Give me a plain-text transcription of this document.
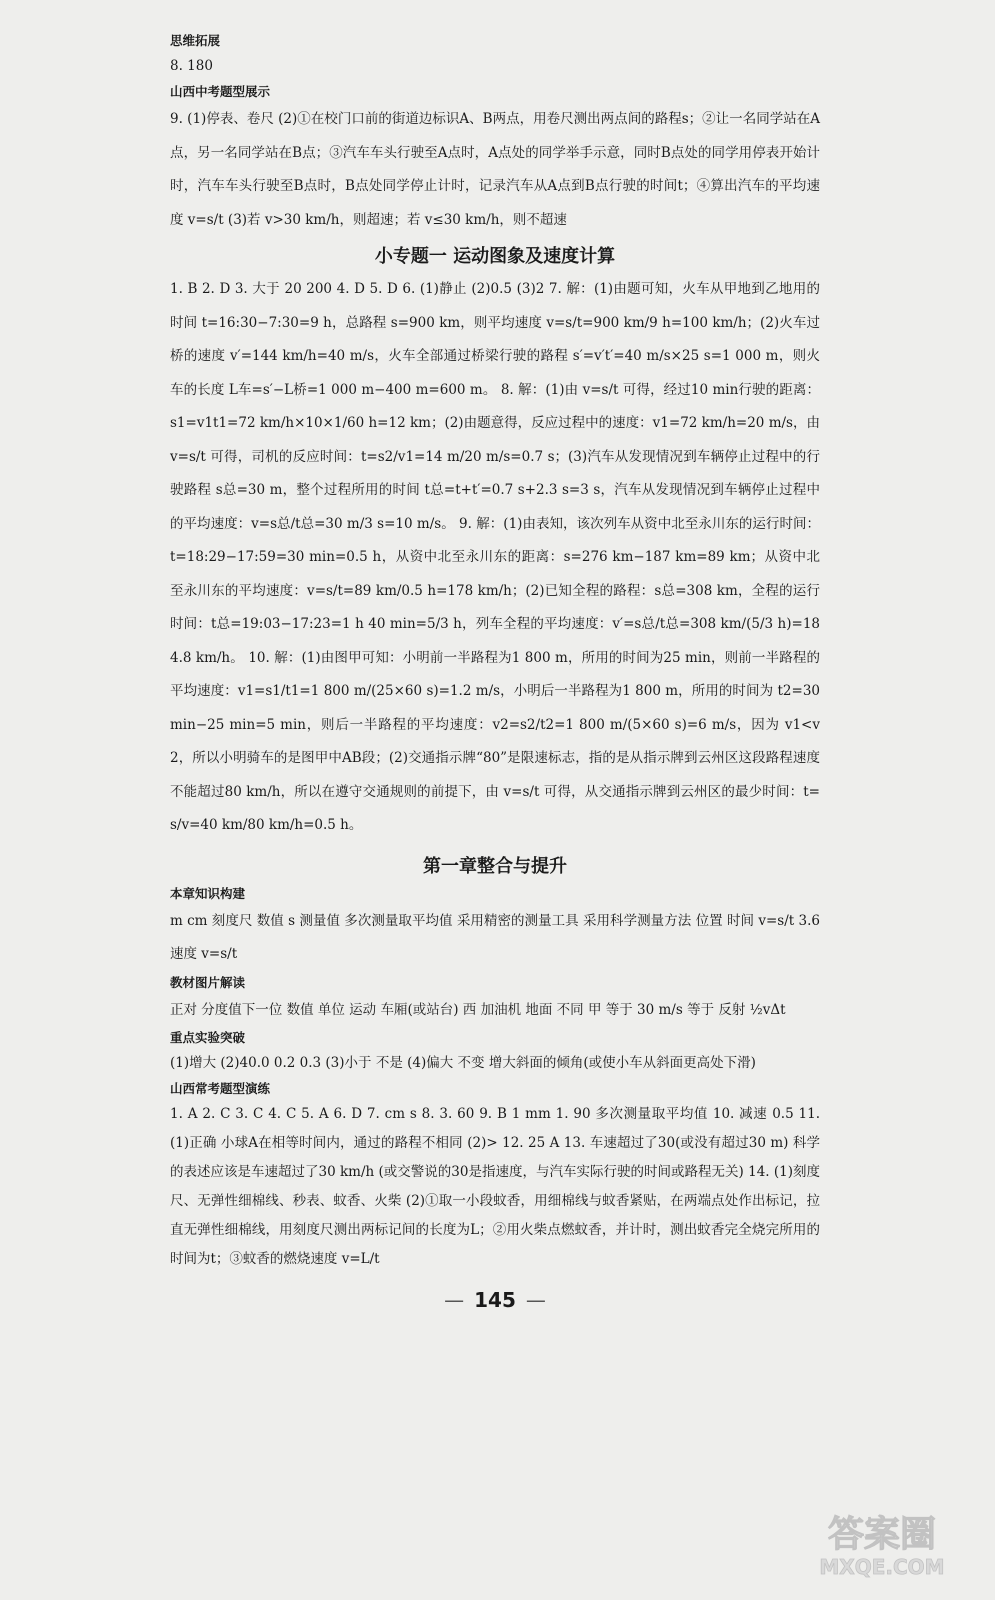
思维拓展

8. 180

山西中考题型展示

9. (1)停表、卷尺 (2)①在校门口前的街道边标识A、B两点，用卷尺测出两点间的路程s；②让一名同学站在A点，另一名同学站在B点；③汽车车头行驶至A点时，A点处的同学举手示意，同时B点处的同学用停表开始计时，汽车车头行驶至B点时，B点处同学停止计时，记录汽车从A点到B点行驶的时间t；④算出汽车的平均速度 v=s/t (3)若 v>30 km/h，则超速；若 v≤30 km/h，则不超速

小专题一 运动图象及速度计算

1. B 2. D 3. 大于 20 200 4. D 5. D 6. (1)静止 (2)0.5 (3)2 7. 解：(1)由题可知，火车从甲地到乙地用的时间 t=16:30−7:30=9 h，总路程 s=900 km，则平均速度 v=s/t=900 km/9 h=100 km/h；(2)火车过桥的速度 v′=144 km/h=40 m/s，火车全部通过桥梁行驶的路程 s′=v′t′=40 m/s×25 s=1 000 m，则火车的长度 L车=s′−L桥=1 000 m−400 m=600 m。 8. 解：(1)由 v=s/t 可得，经过10 min行驶的距离：s1=v1t1=72 km/h×10×1/60 h=12 km；(2)由题意得，反应过程中的速度：v1=72 km/h=20 m/s，由 v=s/t 可得，司机的反应时间：t=s2/v1=14 m/20 m/s=0.7 s；(3)汽车从发现情况到车辆停止过程中的行驶路程 s总=30 m，整个过程所用的时间 t总=t+t′=0.7 s+2.3 s=3 s，汽车从发现情况到车辆停止过程中的平均速度：v=s总/t总=30 m/3 s=10 m/s。 9. 解：(1)由表知，该次列车从资中北至永川东的运行时间：t=18:29−17:59=30 min=0.5 h，从资中北至永川东的距离：s=276 km−187 km=89 km；从资中北至永川东的平均速度：v=s/t=89 km/0.5 h=178 km/h；(2)已知全程的路程：s总=308 km，全程的运行时间：t总=19:03−17:23=1 h 40 min=5/3 h，列车全程的平均速度：v′=s总/t总=308 km/(5/3 h)=184.8 km/h。 10. 解：(1)由图甲可知：小明前一半路程为1 800 m，所用的时间为25 min，则前一半路程的平均速度：v1=s1/t1=1 800 m/(25×60 s)=1.2 m/s，小明后一半路程为1 800 m，所用的时间为 t2=30 min−25 min=5 min，则后一半路程的平均速度：v2=s2/t2=1 800 m/(5×60 s)=6 m/s，因为 v1<v2，所以小明骑车的是图甲中AB段；(2)交通指示牌“80”是限速标志，指的是从指示牌到云州区这段路程速度不能超过80 km/h，所以在遵守交通规则的前提下，由 v=s/t 可得，从交通指示牌到云州区的最少时间：t=s/v=40 km/80 km/h=0.5 h。

第一章整合与提升

本章知识构建

m cm 刻度尺 数值 s 测量值 多次测量取平均值 采用精密的测量工具 采用科学测量方法 位置 时间 v=s/t 3.6 速度 v=s/t

教材图片解读

正对 分度值下一位 数值 单位 运动 车厢(或站台) 西 加油机 地面 不同 甲 等于 30 m/s 等于 反射 ½vΔt

重点实验突破

(1)增大 (2)40.0 0.2 0.3 (3)小于 不是 (4)偏大 不变 增大斜面的倾角(或使小车从斜面更高处下滑)

山西常考题型演练

1. A 2. C 3. C 4. C 5. A 6. D 7. cm s 8. 3. 60 9. B 1 mm 1. 90 多次测量取平均值 10. 减速 0.5 11. (1)正确 小球A在相等时间内，通过的路程不相同 (2)> 12. 25 A 13. 车速超过了30(或没有超过30 m) 科学的表述应该是车速超过了30 km/h (或交警说的30是指速度，与汽车实际行驶的时间或路程无关) 14. (1)刻度尺、无弹性细棉线、秒表、蚊香、火柴 (2)①取一小段蚊香，用细棉线与蚊香紧贴，在两端点处作出标记，拉直无弹性细棉线，用刻度尺测出两标记间的长度为L；②用火柴点燃蚊香，并计时，测出蚊香完全烧完所用的时间为t；③蚊香的燃烧速度 v=L/t

— 145 —
答案圈
MXQE.COM
